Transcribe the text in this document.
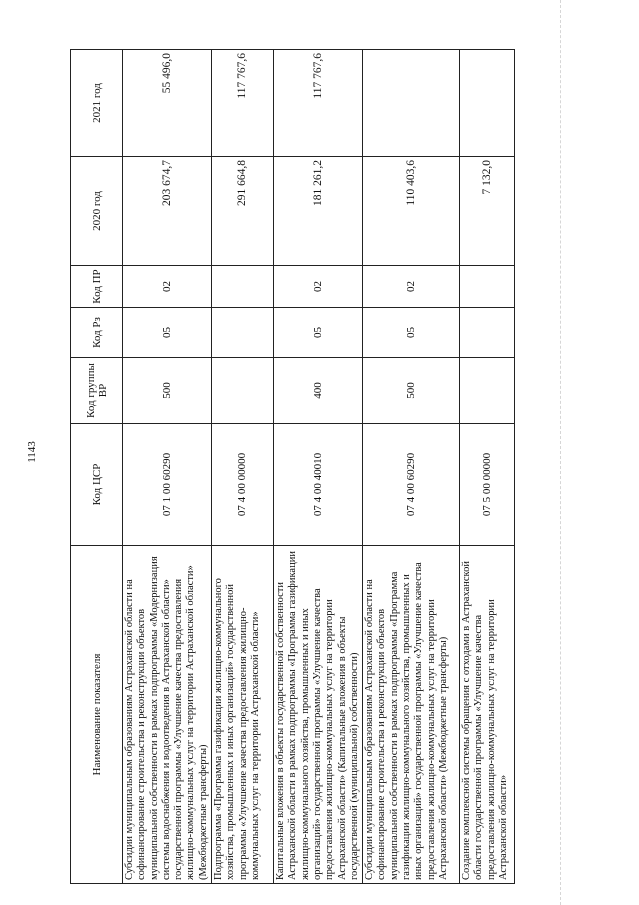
1143
Наименование показателя	Код ЦСР	Код группы ВР	Код Рз	Код ПР	2020 год	2021 год
Субсидии муниципальным образованиям Астраханской области на софинансирование строительства и реконструкции объектов муниципальной собственности в рамках подпрограммы «Модернизация системы водоснабжения и водоотведения в Астраханской области» государственной программы «Улучшение качества предоставления жилищно-коммунальных услуг на территории Астраханской области» (Межбюджетные трансферты)	07 1 00 60290	500	05	02	203 674,7	55 496,0
Подпрограмма «Программа газификации жилищно-коммунального хозяйства, промышленных и иных организаций» государственной программы «Улучшение качества предоставления жилищно-коммунальных услуг на территории Астраханской области»	07 4 00 00000				291 664,8	117 767,6
Капитальные вложения в объекты государственной собственности Астраханской области в рамках подпрограммы «Программа газификации жилищно-коммунального хозяйства, промышленных и иных организаций» государственной программы «Улучшение качества предоставления жилищно-коммунальных услуг на территории Астраханской области» (Капитальные вложения в объекты государственной (муниципальной) собственности)	07 4 00 40010	400	05	02	181 261,2	117 767,6
Субсидии муниципальным образованиям Астраханской области на софинансирование строительства и реконструкции объектов муниципальной собственности в рамках подпрограммы «Программа газификации жилищно-коммунального хозяйства, промышленных и иных организаций» государственной программы «Улучшение качества предоставления жилищно-коммунальных услуг на территории Астраханской области» (Межбюджетные трансферты)	07 4 00 60290	500	05	02	110 403,6	
Создание комплексной системы обращения с отходами в Астраханской области государственной программы «Улучшение качества предоставления жилищно-коммунальных услуг на территории Астраханской области»	07 5 00 00000				7 132,0	
